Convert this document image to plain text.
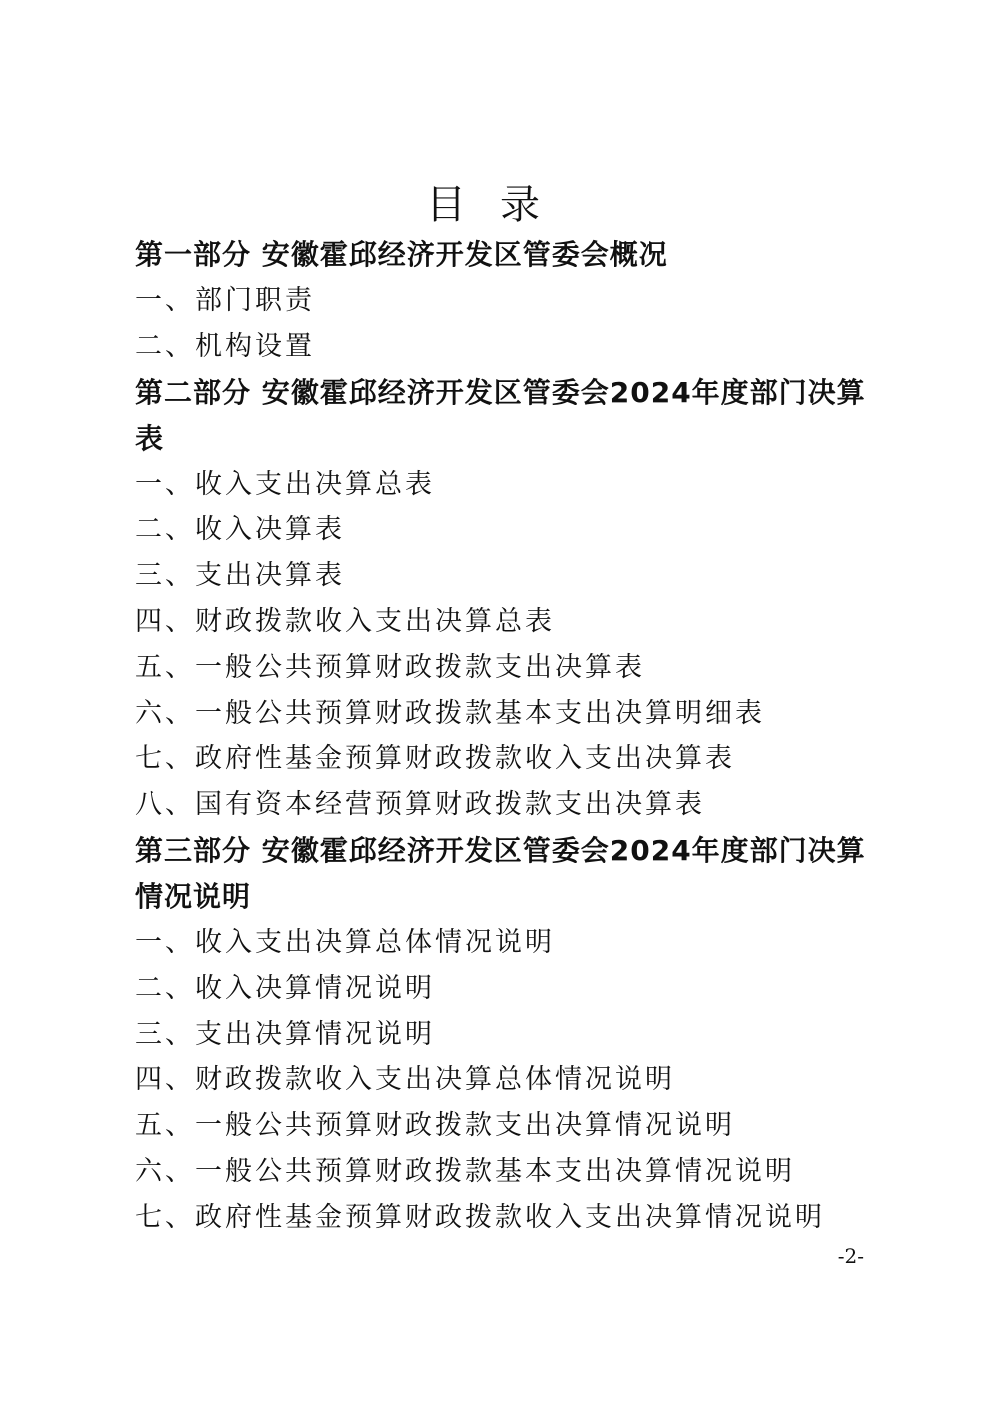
目录
第一部分 安徽霍邱经济开发区管委会概况
一、部门职责
二、机构设置
第二部分 安徽霍邱经济开发区管委会2024年度部门决算表
一、收入支出决算总表
二、收入决算表
三、支出决算表
四、财政拨款收入支出决算总表
五、一般公共预算财政拨款支出决算表
六、一般公共预算财政拨款基本支出决算明细表
七、政府性基金预算财政拨款收入支出决算表
八、国有资本经营预算财政拨款支出决算表
第三部分 安徽霍邱经济开发区管委会2024年度部门决算情况说明
一、收入支出决算总体情况说明
二、收入决算情况说明
三、支出决算情况说明
四、财政拨款收入支出决算总体情况说明
五、一般公共预算财政拨款支出决算情况说明
六、一般公共预算财政拨款基本支出决算情况说明
七、政府性基金预算财政拨款收入支出决算情况说明
-2-
